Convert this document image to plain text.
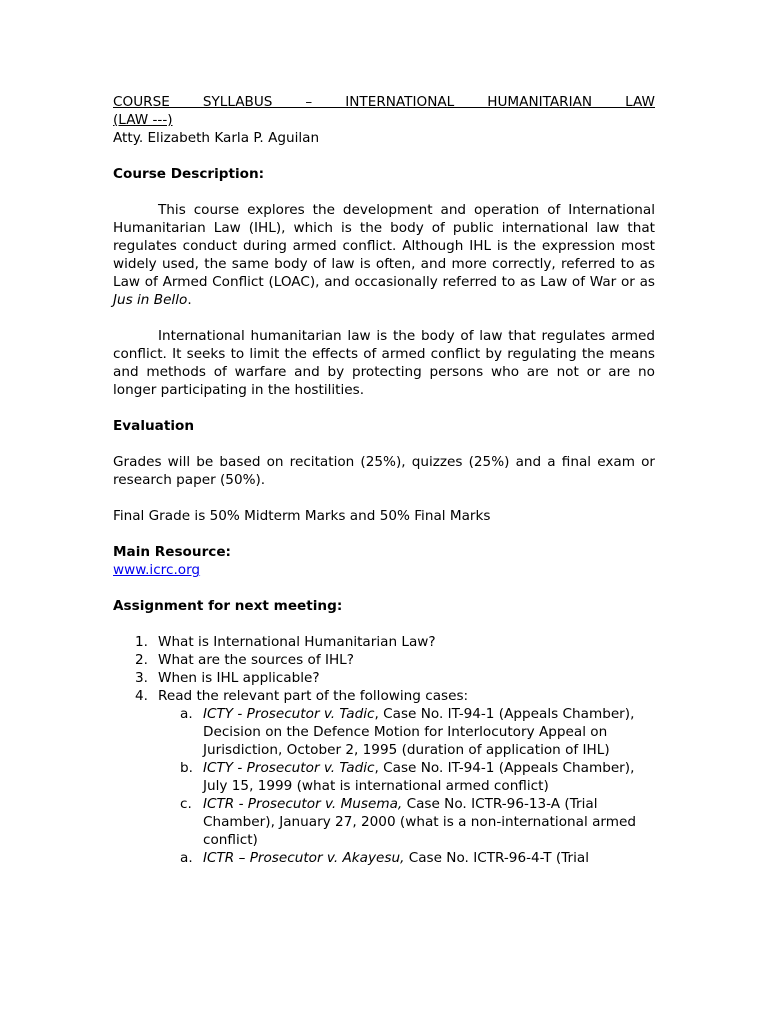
COURSE SYLLABUS – INTERNATIONAL HUMANITARIAN LAW

(LAW ---)

Atty. Elizabeth Karla P. Aguilan

Course Description:

This course explores the development and operation of International Humanitarian Law (IHL), which is the body of public international law that regulates conduct during armed conflict. Although IHL is the expression most widely used, the same body of law is often, and more correctly, referred to as Law of Armed Conflict (LOAC), and occasionally referred to as Law of War or as Jus in Bello.

International humanitarian law is the body of law that regulates armed conflict. It seeks to limit the effects of armed conflict by regulating the means and methods of warfare and by protecting persons who are not or are no longer participating in the hostilities.

Evaluation

Grades will be based on recitation (25%), quizzes (25%) and a final exam or research paper (50%).

Final Grade is 50% Midterm Marks and 50% Final Marks

Main Resource:

www.icrc.org

Assignment for next meeting:

1. What is International Humanitarian Law?
2. What are the sources of IHL?
3. When is IHL applicable?
4. Read the relevant part of the following cases:
a. ICTY - Prosecutor v. Tadic, Case No. IT-94-1 (Appeals Chamber), Decision on the Defence Motion for Interlocutory Appeal on Jurisdiction, October 2, 1995 (duration of application of IHL)
b. ICTY - Prosecutor v. Tadic, Case No. IT-94-1 (Appeals Chamber), July 15, 1999 (what is international armed conflict)
c. ICTR - Prosecutor v. Musema, Case No. ICTR-96-13-A (Trial Chamber), January 27, 2000 (what is a non-international armed conflict)
a. ICTR – Prosecutor v. Akayesu, Case No. ICTR-96-4-T (Trial
